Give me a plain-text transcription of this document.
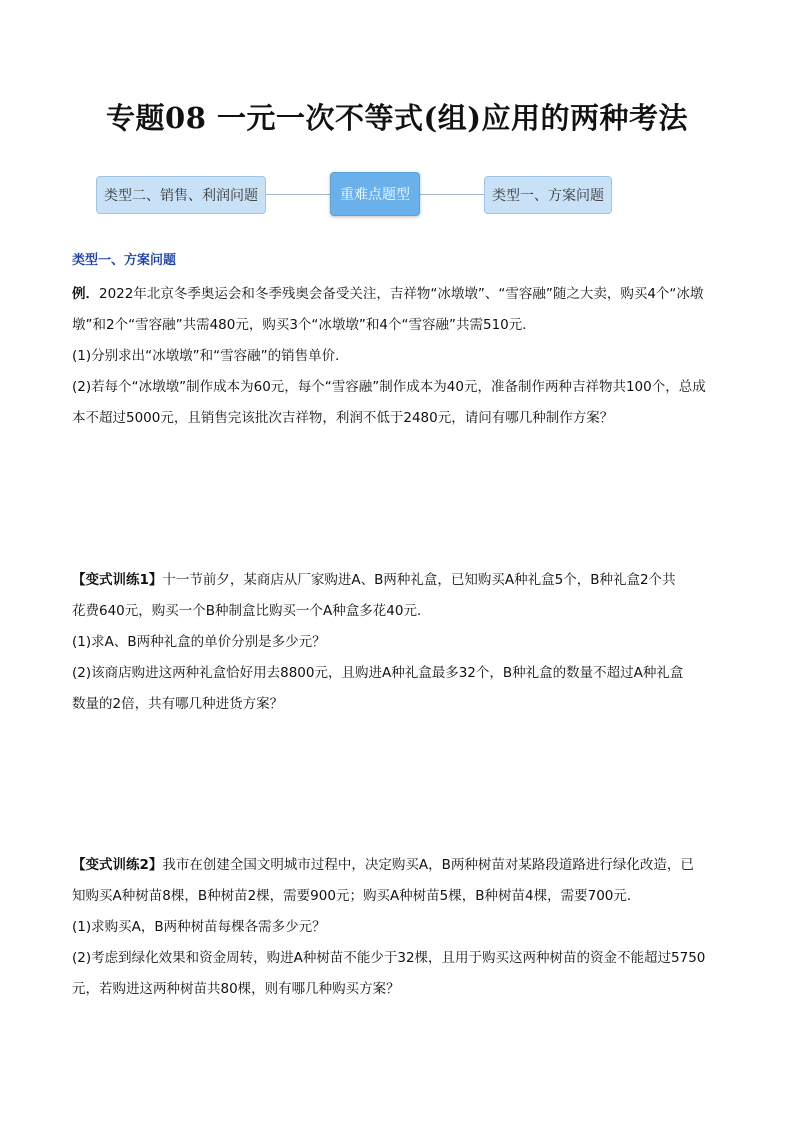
专题08 一元一次不等式(组)应用的两种考法
类型二、销售、利润问题	重难点题型	类型一、方案问题
类型一、方案问题

例．2022年北京冬季奥运会和冬季残奥会备受关注，吉祥物“冰墩墩”、“雪容融”随之大卖，购买4个“冰墩

墩”和2个“雪容融”共需480元，购买3个“冰墩墩”和4个“雪容融”共需510元．

(1)分别求出“冰墩墩”和“雪容融”的销售单价．

(2)若每个“冰墩墩”制作成本为60元，每个“雪容融”制作成本为40元，准备制作两种吉祥物共100个，总成

本不超过5000元，且销售完该批次吉祥物，利润不低于2480元，请问有哪几种制作方案？

【变式训练1】十一节前夕，某商店从厂家购进A、B两种礼盒，已知购买A种礼盒5个，B种礼盒2个共

花费640元，购买一个B种制盒比购买一个A种盒多花40元．

(1)求A、B两种礼盒的单价分别是多少元？

(2)该商店购进这两种礼盒恰好用去8800元，且购进A种礼盒最多32个，B种礼盒的数量不超过A种礼盒

数量的2倍，共有哪几种进货方案？

【变式训练2】我市在创建全国文明城市过程中，决定购买A，B两种树苗对某路段道路进行绿化改造，已

知购买A种树苗8棵，B种树苗2棵，需要900元；购买A种树苗5棵，B种树苗4棵，需要700元．

(1)求购买A，B两种树苗每棵各需多少元？

(2)考虑到绿化效果和资金周转，购进A种树苗不能少于32棵，且用于购买这两种树苗的资金不能超过5750

元，若购进这两种树苗共80棵，则有哪几种购买方案？
